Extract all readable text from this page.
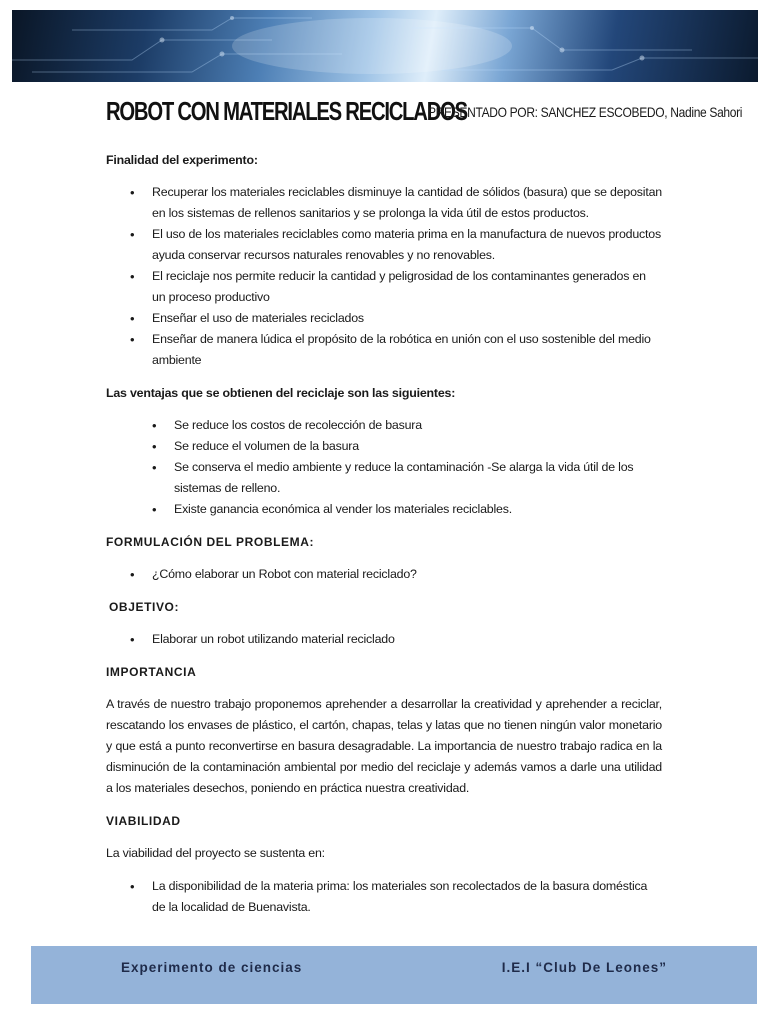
ROBOT CON MATERIALES RECICLADOS
PRESENTADO POR: SANCHEZ ESCOBEDO, Nadine Sahori
Finalidad del experimento:
• Recuperar los materiales reciclables disminuye la cantidad de sólidos (basura) que se depositan en los sistemas de rellenos sanitarios y se prolonga la vida útil de estos productos.
• El uso de los materiales reciclables como materia prima en la manufactura de nuevos productos ayuda conservar recursos naturales renovables y no renovables.
• El reciclaje nos permite reducir la cantidad y peligrosidad de los contaminantes generados en un proceso productivo
• Enseñar el uso de materiales reciclados
• Enseñar de manera lúdica el propósito de la robótica en unión con el uso sostenible del medio ambiente
Las ventajas que se obtienen del reciclaje son las siguientes:
• Se reduce los costos de recolección de basura
• Se reduce el volumen de la basura
• Se conserva el medio ambiente y reduce la contaminación -Se alarga la vida útil de los sistemas de relleno.
• Existe ganancia económica al vender los materiales reciclables.
FORMULACIÓN DEL PROBLEMA:
• ¿Cómo elaborar un Robot con material reciclado?
OBJETIVO:
• Elaborar un robot utilizando material reciclado
IMPORTANCIA

A través de nuestro trabajo proponemos aprehender a desarrollar la creatividad y aprehender a reciclar, rescatando los envases de plástico, el cartón, chapas, telas y latas que no tienen ningún valor monetario y que está a punto reconvertirse en basura desagradable. La importancia de nuestro trabajo radica en la disminución de la contaminación ambiental por medio del reciclaje y además vamos a darle una utilidad a los materiales desechos, poniendo en práctica nuestra creatividad.

VIABILIDAD

La viabilidad del proyecto se sustenta en:

• La disponibilidad de la materia prima: los materiales son recolectados de la basura doméstica de la localidad de Buenavista.
Experimento de ciencias	I.E.I “Club De Leones”
